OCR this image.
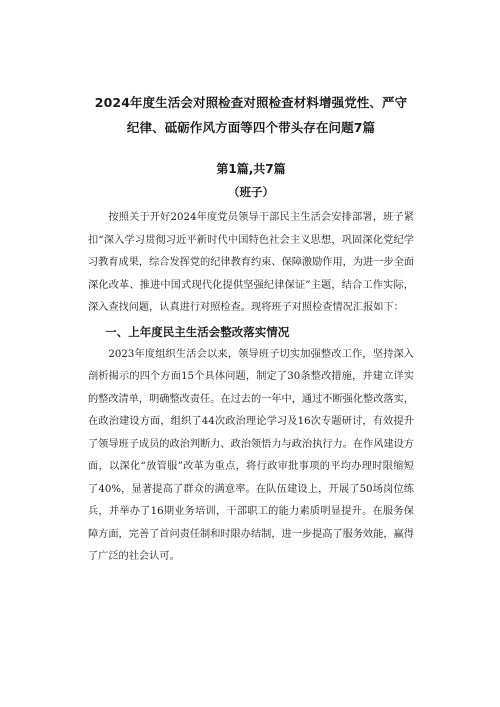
2024年度生活会对照检查对照检查材料增强党性、严守
纪律、砥砺作风方面等四个带头存在问题7篇

第1篇,共7篇

（班子）

按照关于开好2024年度党员领导干部民主生活会安排部署，班子紧扣“深入学习贯彻习近平新时代中国特色社会主义思想，巩固深化党纪学习教育成果，综合发挥党的纪律教育约束、保障激励作用，为进一步全面深化改革、推进中国式现代化提供坚强纪律保证”主题，结合工作实际，深入查找问题，认真进行对照检查。现将班子对照检查情况汇报如下：

一、上年度民主生活会整改落实情况

2023年度组织生活会以来，领导班子切实加强整改工作，坚持深入剖析揭示的四个方面15个具体问题，制定了30条整改措施，并建立详实的整改清单，明确整改责任。在过去的一年中，通过不断强化整改落实，在政治建设方面，组织了44次政治理论学习及16次专题研讨，有效提升了领导班子成员的政治判断力、政治领悟力与政治执行力。在作风建设方面，以深化“放管服”改革为重点，将行政审批事项的平均办理时限缩短了40%，显著提高了群众的满意率。在队伍建设上，开展了50场岗位练兵，并举办了16期业务培训，干部职工的能力素质明显提升。在服务保障方面，完善了首问责任制和时限办结制，进一步提高了服务效能，赢得了广泛的社会认可。
